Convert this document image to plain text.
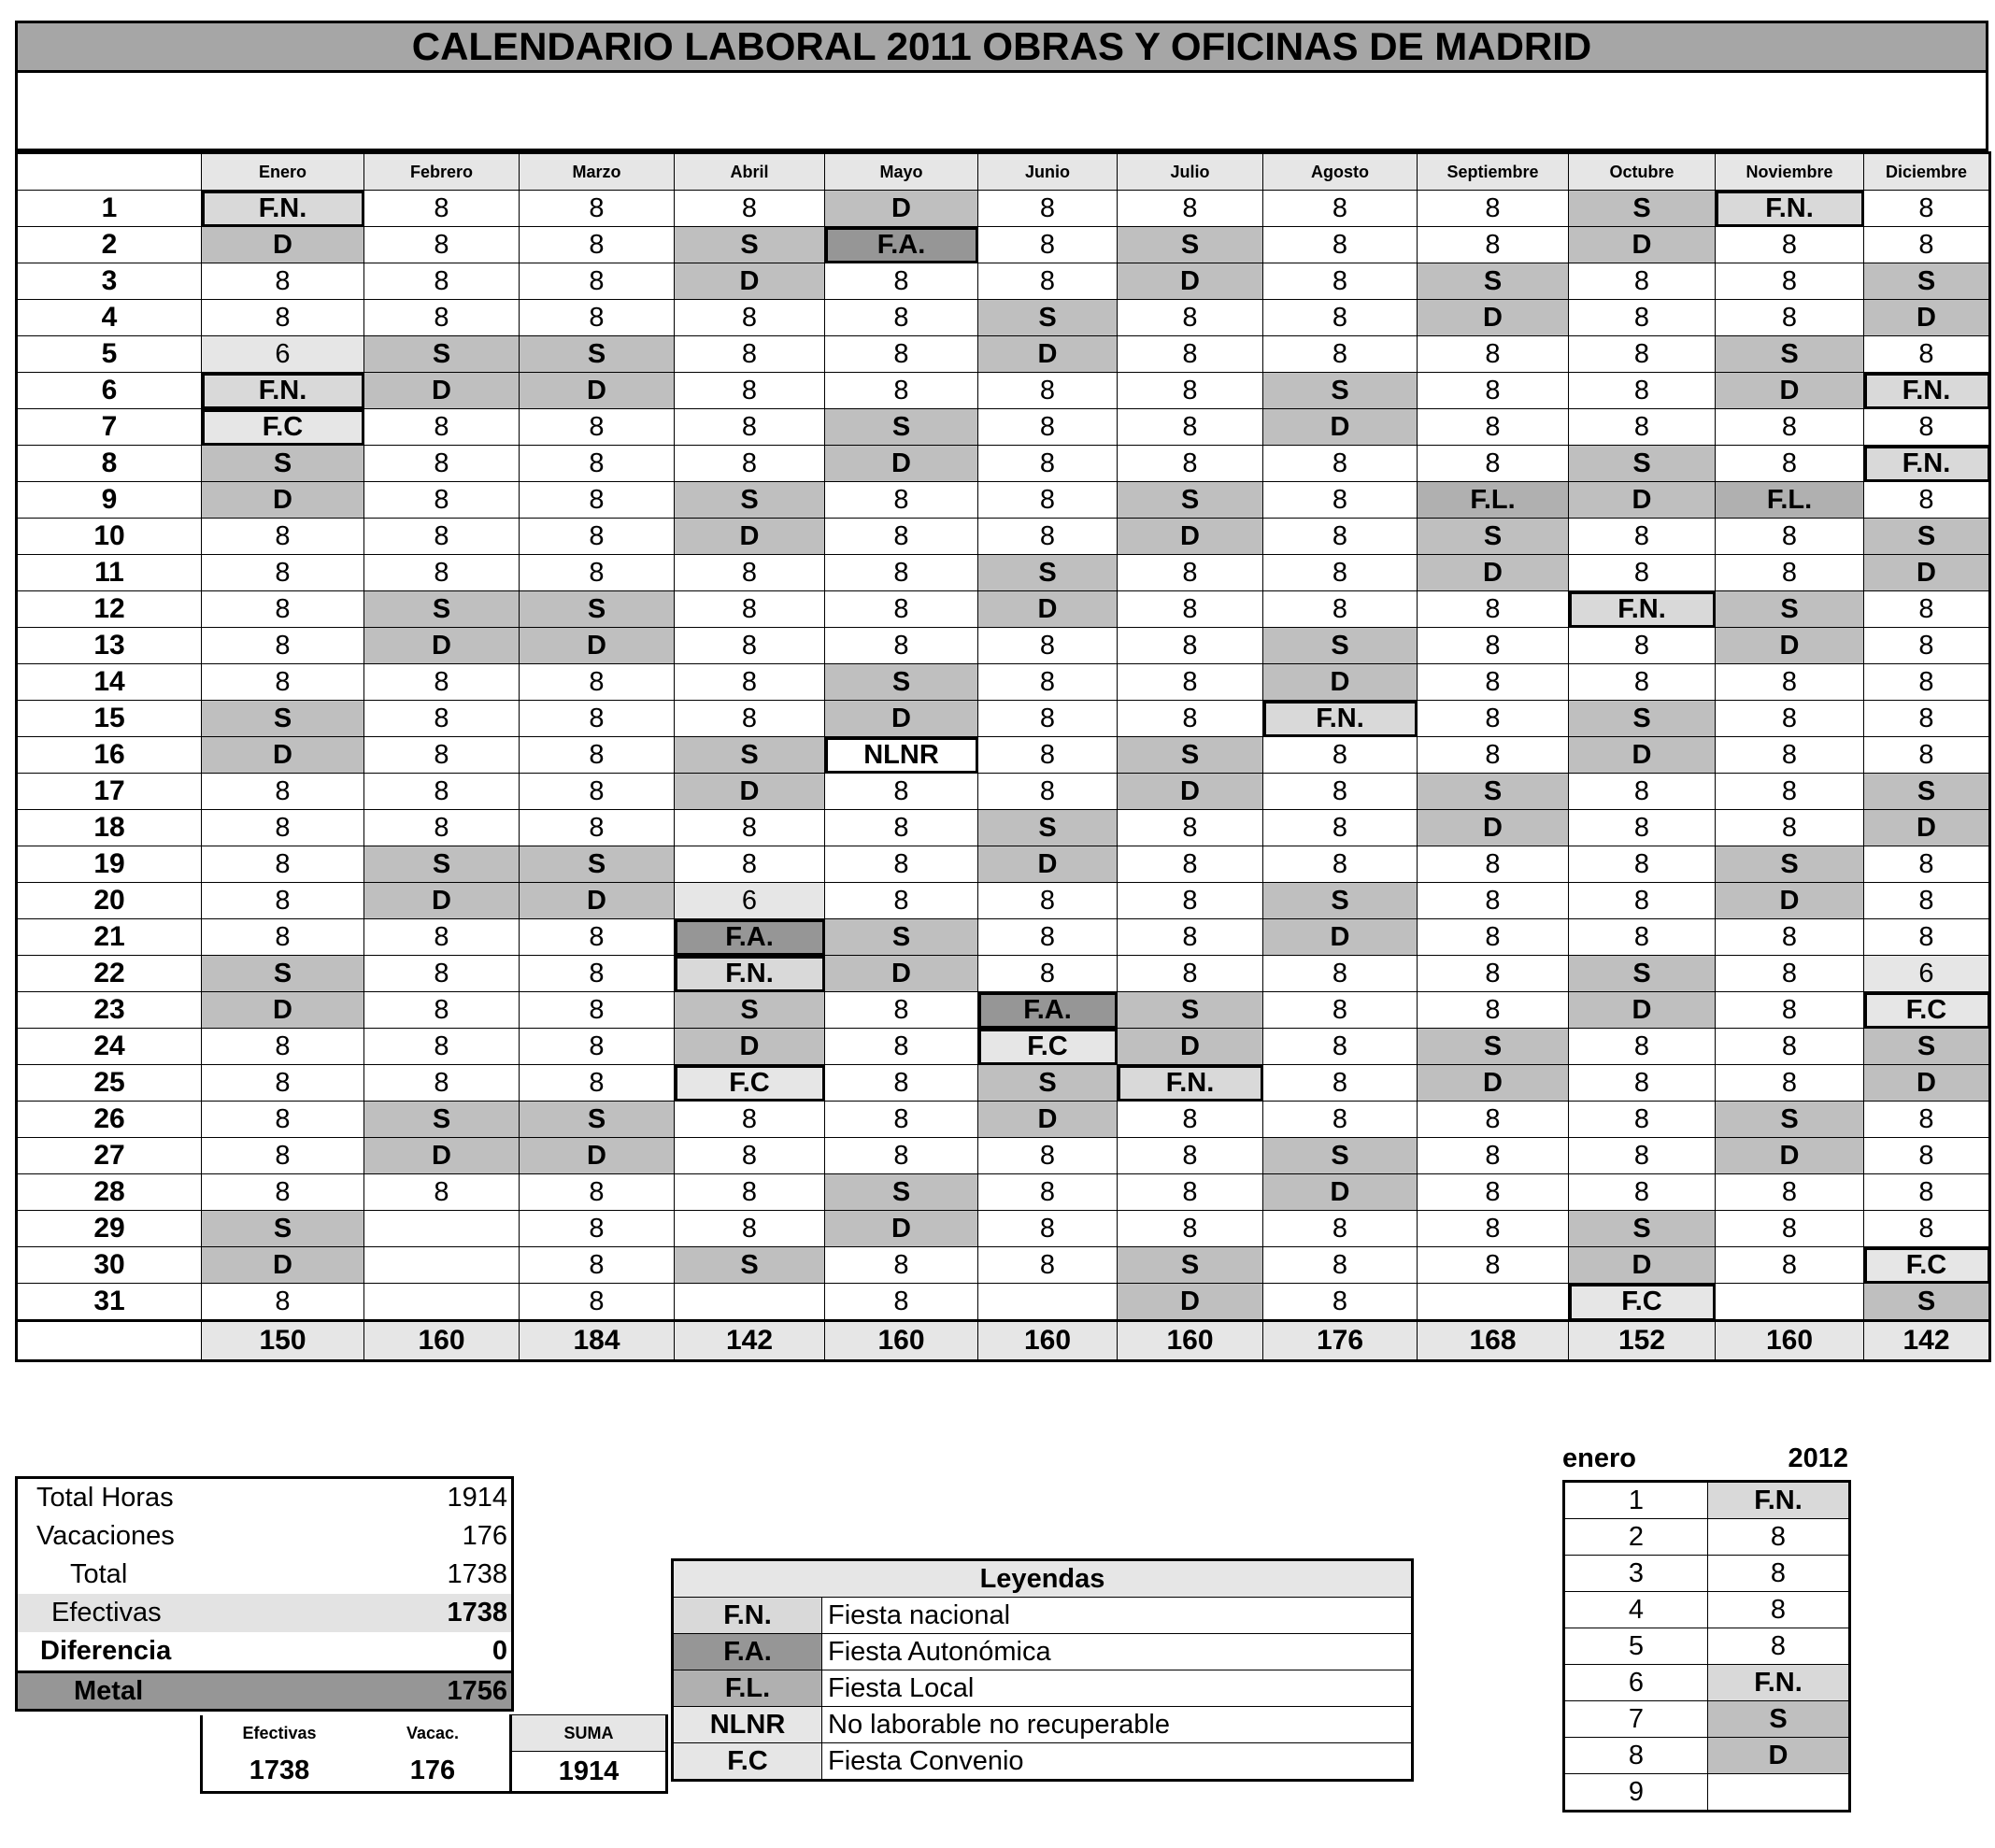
CALENDARIO LABORAL 2011 OBRAS Y OFICINAS DE MADRID
	Enero	Febrero	Marzo	Abril	Mayo	Junio	Julio	Agosto	Septiembre	Octubre	Noviembre	Diciembre
1	F.N.	8	8	8	D	8	8	8	8	S	F.N.	8
2	D	8	8	S	F.A.	8	S	8	8	D	8	8
3	8	8	8	D	8	8	D	8	S	8	8	S
4	8	8	8	8	8	S	8	8	D	8	8	D
5	6	S	S	8	8	D	8	8	8	8	S	8
6	F.N.	D	D	8	8	8	8	S	8	8	D	F.N.
7	F.C	8	8	8	S	8	8	D	8	8	8	8
8	S	8	8	8	D	8	8	8	8	S	8	F.N.
9	D	8	8	S	8	8	S	8	F.L.	D	F.L.	8
10	8	8	8	D	8	8	D	8	S	8	8	S
11	8	8	8	8	8	S	8	8	D	8	8	D
12	8	S	S	8	8	D	8	8	8	F.N.	S	8
13	8	D	D	8	8	8	8	S	8	8	D	8
14	8	8	8	8	S	8	8	D	8	8	8	8
15	S	8	8	8	D	8	8	F.N.	8	S	8	8
16	D	8	8	S	NLNR	8	S	8	8	D	8	8
17	8	8	8	D	8	8	D	8	S	8	8	S
18	8	8	8	8	8	S	8	8	D	8	8	D
19	8	S	S	8	8	D	8	8	8	8	S	8
20	8	D	D	6	8	8	8	S	8	8	D	8
21	8	8	8	F.A.	S	8	8	D	8	8	8	8
22	S	8	8	F.N.	D	8	8	8	8	S	8	6
23	D	8	8	S	8	F.A.	S	8	8	D	8	F.C
24	8	8	8	D	8	F.C	D	8	S	8	8	S
25	8	8	8	F.C	8	S	F.N.	8	D	8	8	D
26	8	S	S	8	8	D	8	8	8	8	S	8
27	8	D	D	8	8	8	8	S	8	8	D	8
28	8	8	8	8	S	8	8	D	8	8	8	8
29	S		8	8	D	8	8	8	8	S	8	8
30	D		8	S	8	8	S	8	8	D	8	F.C
31	8		8		8		D	8		F.C		S
	150	160	184	142	160	160	160	176	168	152	160	142
Total Horas	1914
Vacaciones	176
Total	1738
Efectivas	1738
Diferencia	0
Metal	1756
Efectivas	Vacac.	SUMA
1738	176	1914
Leyendas	
F.N.	Fiesta nacional
F.A.	Fiesta Autonómica
F.L.	Fiesta Local
NLNR	No laborable no recuperable
F.C	Fiesta Convenio
enero	2012
1	F.N.
2	8
3	8
4	8
5	8
6	F.N.
7	S
8	D
9	
